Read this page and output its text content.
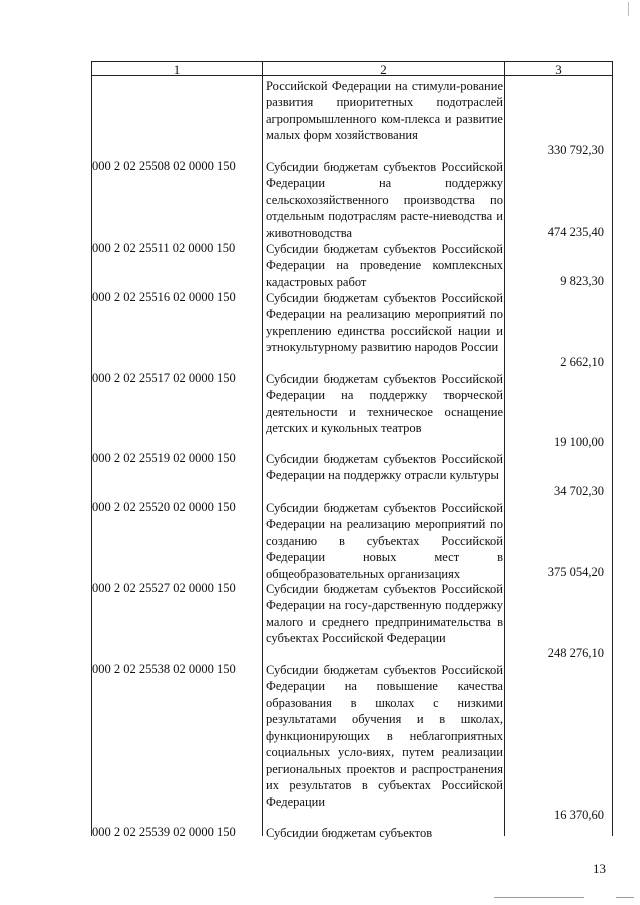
1	2	3
Российской Федерации на стимули-рование развития приоритетных подотраслей агропромышленного ком-плекса и развитие малых форм хозяйствования
000 2 02 25508 02 0000 150
000 2 02 25511 02 0000 150
000 2 02 25516 02 0000 150
000 2 02 25517 02 0000 150
000 2 02 25519 02 0000 150
000 2 02 25520 02 0000 150
000 2 02 25527 02 0000 150
000 2 02 25538 02 0000 150
000 2 02 25539 02 0000 150
Субсидии бюджетам субъектов Российской Федерации на поддержку сельскохозяйственного производства по отдельным подотраслям расте-ниеводства и животноводства
Субсидии бюджетам субъектов Российской Федерации на проведение комплексных кадастровых работ
Субсидии бюджетам субъектов Российской Федерации на реализацию мероприятий по укреплению единства российской нации и этнокультурному развитию народов России
Субсидии бюджетам субъектов Российской Федерации на поддержку творческой деятельности и техническое оснащение детских и кукольных театров
Субсидии бюджетам субъектов Российской Федерации на поддержку отрасли культуры
Субсидии бюджетам субъектов Российской Федерации на реализацию мероприятий по созданию в субъектах Российской Федерации новых мест в общеобразовательных организациях
Субсидии бюджетам субъектов Российской Федерации на госу-дарственную поддержку малого и среднего предпринимательства в субъектах Российской Федерации
Субсидии бюджетам субъектов Российской Федерации на повышение качества образования в школах с низкими результатами обучения и в школах, функционирующих в неблагоприятных социальных усло-виях, путем реализации региональных проектов и распространения их результатов в субъектах Российской Федерации
Субсидии бюджетам субъектов
330 792,30
474 235,40
9 823,30
2 662,10
19 100,00
34 702,30
375 054,20
248 276,10
16 370,60
13
